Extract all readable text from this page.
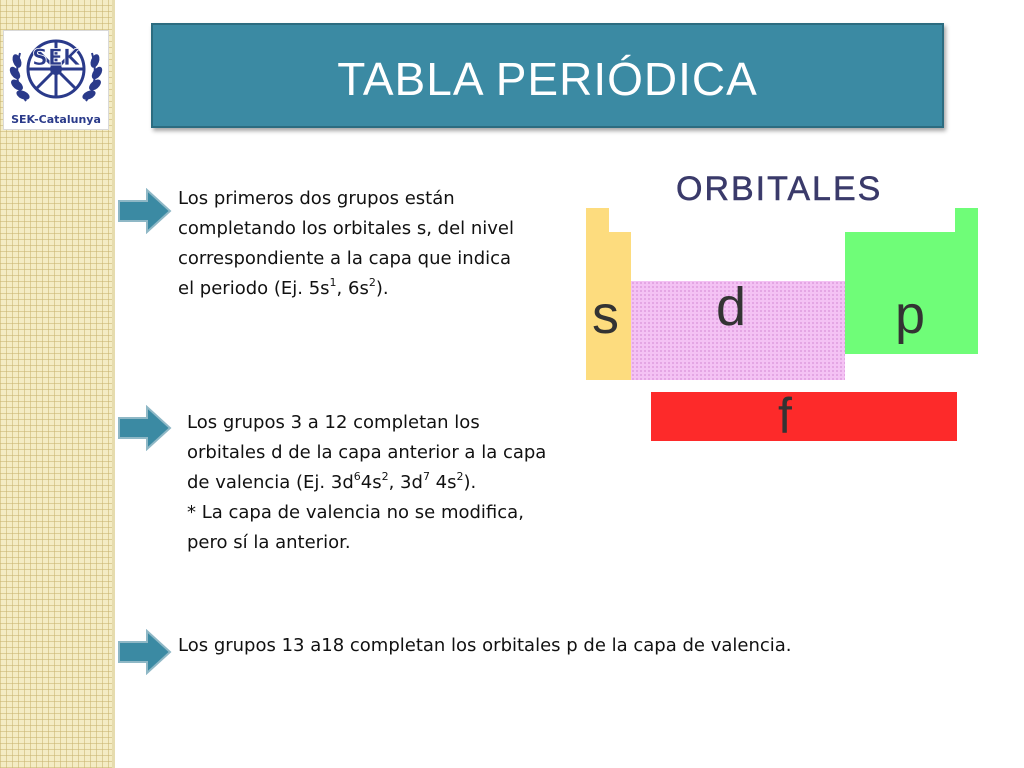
SEK
SEK-Catalunya
TABLA PERIÓDICA
Los primeros dos grupos están
completando los orbitales s, del nivel
correspondiente a la capa que indica
el periodo (Ej. $5s^1$, $6s^2$).
Los grupos 3 a 12 completan los
orbitales d de la capa anterior a la capa
de valencia (Ej. $3d^64s^2$, $3d^7$ $4s^2$).
* La capa de valencia no se modifica,
pero sí la anterior.
Los grupos 13 a18 completan los orbitales p de la capa de valencia.
ORBITALES
s d	p
f
